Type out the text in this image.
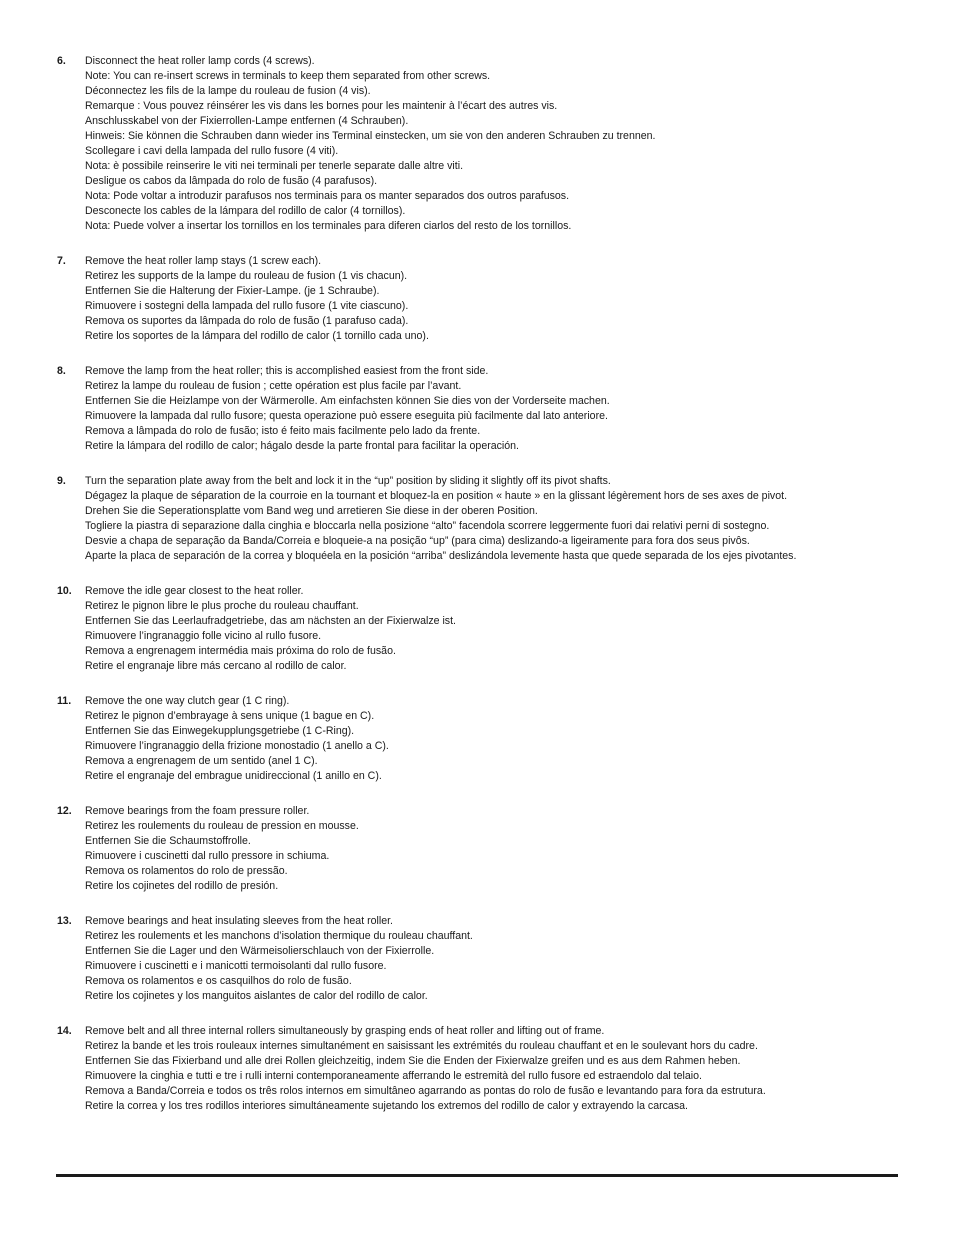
6.	Disconnect the heat roller lamp cords (4 screws).
Note: You can re-insert screws in terminals to keep them separated from other screws.
Déconnectez les fils de la lampe du rouleau de fusion (4 vis).
Remarque : Vous pouvez réinsérer les vis dans les bornes pour les maintenir à l’écart des autres vis.
Anschlusskabel von der Fixierrollen-Lampe entfernen (4 Schrauben).
Hinweis: Sie können die Schrauben dann wieder ins Terminal einstecken, um sie von den anderen Schrauben zu trennen.
Scollegare i cavi della lampada del rullo fusore (4 viti).
Nota: è possibile reinserire le viti nei terminali per tenerle separate dalle altre viti.
Desligue os cabos da lâmpada do rolo de fusão (4 parafusos).
Nota: Pode voltar a introduzir parafusos nos terminais para os manter separados dos outros parafusos.
Desconecte los cables de la lámpara del rodillo de calor (4 tornillos).
Nota: Puede volver a insertar los tornillos en los terminales para diferen ciarlos del resto de los tornillos.
7.	Remove the heat roller lamp stays (1 screw each).
Retirez les supports de la lampe du rouleau de fusion (1 vis chacun).
Entfernen Sie die Halterung der Fixier-Lampe. (je 1 Schraube).
Rimuovere i sostegni della lampada del rullo fusore (1 vite ciascuno).
Remova os suportes da lâmpada do rolo de fusão (1 parafuso cada).
Retire los soportes de la lámpara del rodillo de calor (1 tornillo cada uno).
8.	Remove the lamp from the heat roller; this is accomplished easiest from the front side.
Retirez la lampe du rouleau de fusion ; cette opération est plus facile par l’avant.
Entfernen Sie die Heizlampe von der Wärmerolle. Am einfachsten können Sie dies von der Vorderseite machen.
Rimuovere la lampada dal rullo fusore; questa operazione può essere eseguita più facilmente dal lato anteriore.
Remova a lâmpada do rolo de fusão; isto é feito mais facilmente pelo lado da frente.
Retire la lámpara del rodillo de calor; hágalo desde la parte frontal para facilitar la operación.
9.	Turn the separation plate away from the belt and lock it in the “up” position by sliding it slightly off its pivot shafts.
Dégagez la plaque de séparation de la courroie en la tournant et bloquez-la en position « haute » en la glissant légèrement hors de ses axes de pivot.
Drehen Sie die Seperationsplatte vom Band weg und arretieren Sie diese in der oberen Position.
Togliere la piastra di separazione dalla cinghia e bloccarla nella posizione “alto” facendola scorrere leggermente fuori dai relativi perni di sostegno.
Desvie a chapa de separação da Banda/Correia e bloqueie-a na posição “up” (para cima) deslizando-a ligeiramente para fora dos seus pivôs.
Aparte la placa de separación de la correa y bloquéela en la posición “arriba” deslizándola levemente hasta que quede separada de los ejes pivotantes.
10.	Remove the idle gear closest to the heat roller.
Retirez le pignon libre le plus proche du rouleau chauffant.
Entfernen Sie das Leerlaufradgetriebe, das am nächsten an der Fixierwalze ist.
Rimuovere l’ingranaggio folle vicino al rullo fusore.
Remova a engrenagem intermédia mais próxima do rolo de fusão.
Retire el engranaje libre más cercano al rodillo de calor.
11.	Remove the one way clutch gear (1 C ring).
Retirez le pignon d’embrayage à sens unique (1 bague en C).
Entfernen Sie das Einwegekupplungsgetriebe (1 C-Ring).
Rimuovere l’ingranaggio della frizione monostadio (1 anello a C).
Remova a engrenagem de um sentido (anel 1 C).
Retire el engranaje del embrague unidireccional (1 anillo en C).
12.	Remove bearings from the foam pressure roller.
Retirez les roulements du rouleau de pression en mousse.
Entfernen Sie die Schaumstoffrolle.
Rimuovere i cuscinetti dal rullo pressore in schiuma.
Remova os rolamentos do rolo de pressão.
Retire los cojinetes del rodillo de presión.
13.	Remove bearings and heat insulating sleeves from the heat roller.
Retirez les roulements et les manchons d’isolation thermique du rouleau chauffant.
Entfernen Sie die Lager und den Wärmeisolierschlauch von der Fixierrolle.
Rimuovere i cuscinetti e i manicotti termoisolanti dal rullo fusore.
Remova os rolamentos e os casquilhos do rolo de fusão.
Retire los cojinetes y los manguitos aislantes de calor del rodillo de calor.
14.	Remove belt and all three internal rollers simultaneously by grasping ends of heat roller and lifting out of frame.
Retirez la bande et les trois rouleaux internes simultanément en saisissant les extrémités du rouleau chauffant et en le soulevant hors du cadre.
Entfernen Sie das Fixierband und alle drei Rollen gleichzeitig, indem Sie die Enden der Fixierwalze greifen und es aus dem Rahmen heben.
Rimuovere la cinghia e tutti e tre i rulli interni contemporaneamente afferrando le estremità del rullo fusore ed estraendolo dal telaio.
Remova a Banda/Correia e todos os três rolos internos em simultâneo agarrando as pontas do rolo de fusão e levantando para fora da estrutura.
Retire la correa y los tres rodillos interiores simultáneamente sujetando los extremos del rodillo de calor y extrayendo la carcasa.
